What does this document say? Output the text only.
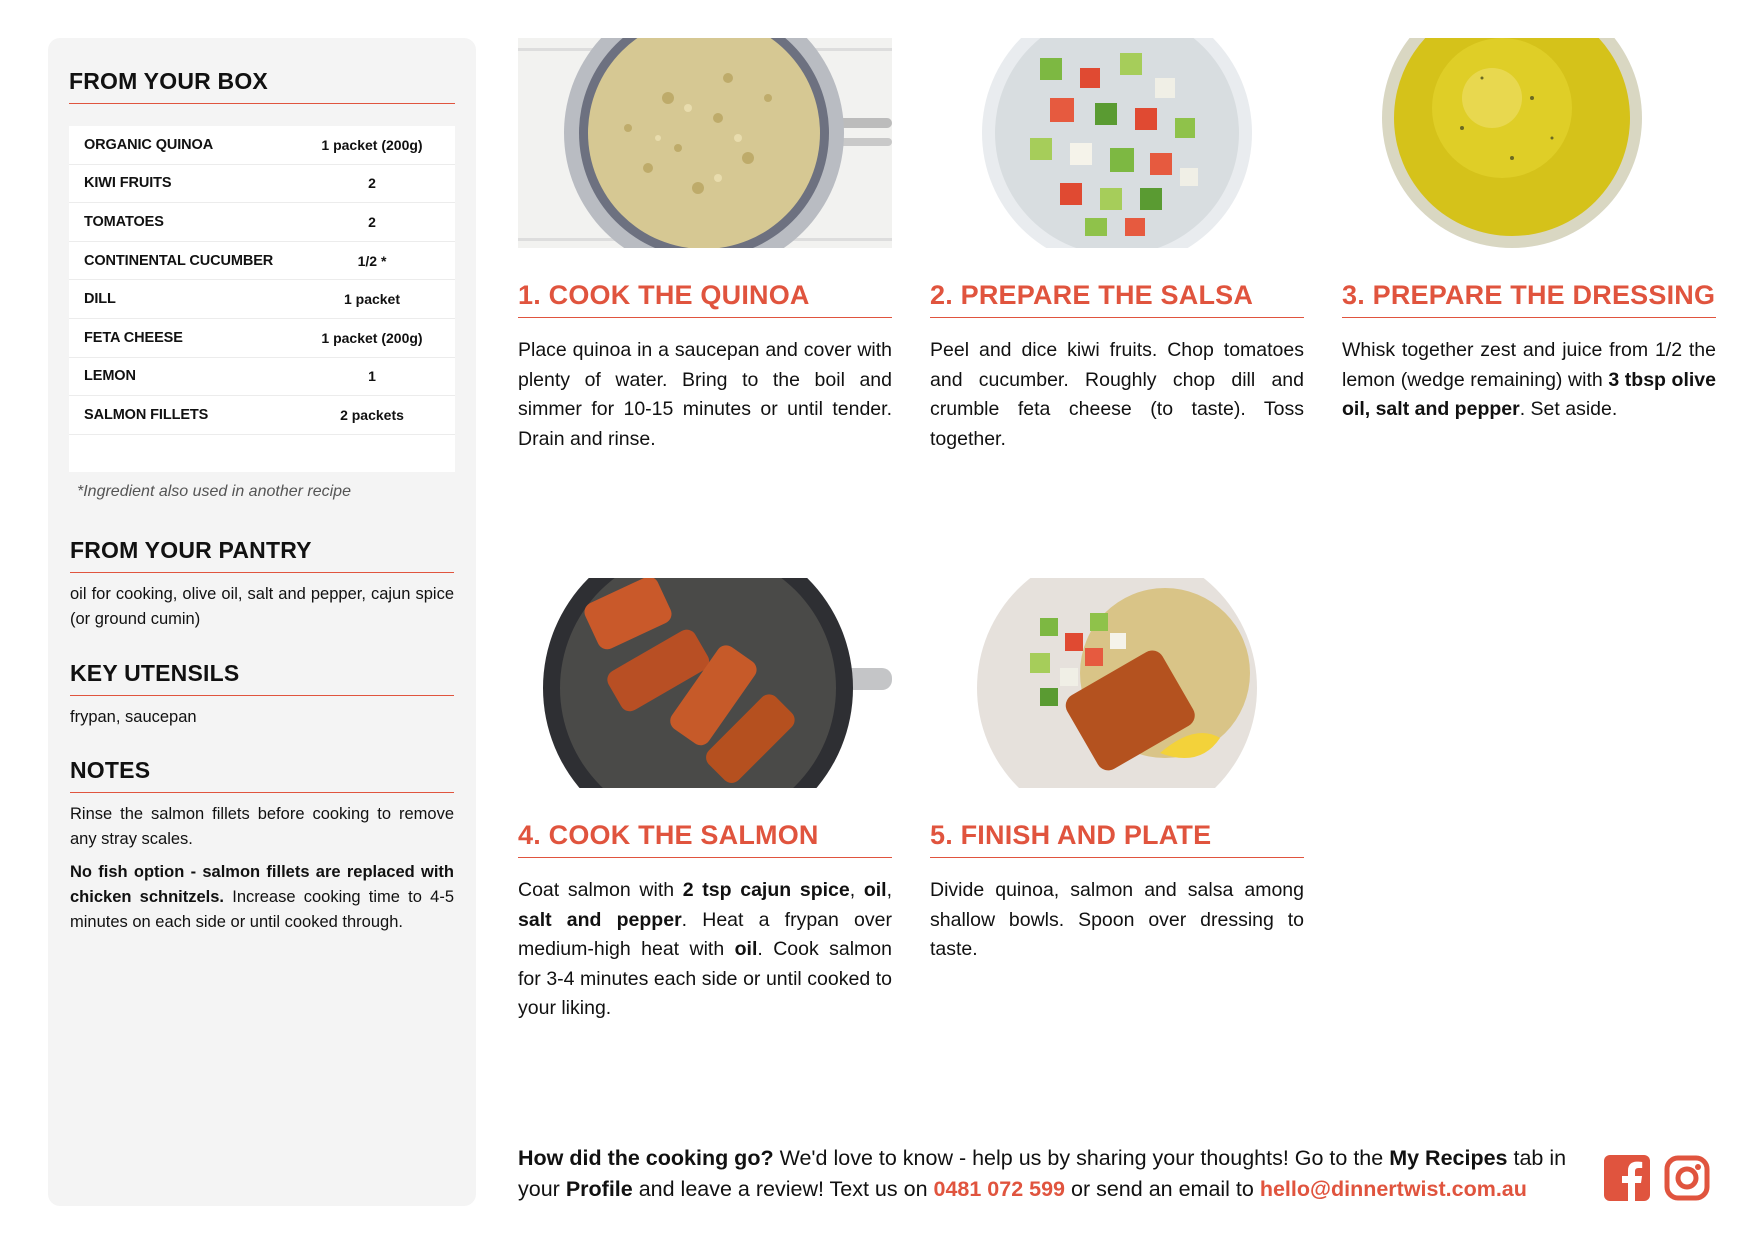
FROM YOUR BOX
ORGANIC QUINOA	1 packet (200g)
KIWI FRUITS	2
TOMATOES	2
CONTINENTAL CUCUMBER	1/2 *
DILL	1 packet
FETA CHEESE	1 packet (200g)
LEMON	1
SALMON FILLETS	2 packets
*Ingredient also used in another recipe
FROM YOUR PANTRY
oil for cooking, olive oil, salt and pepper, cajun spice (or ground cumin)
KEY UTENSILS
frypan, saucepan
NOTES
Rinse the salmon fillets before cooking to remove any stray scales.
No fish option - salmon fillets are replaced with chicken schnitzels. Increase cooking time to 4-5 minutes on each side or until cooked through.
1. COOK THE QUINOA	2. PREPARE THE SALSA	3. PREPARE THE DRESSING
4. COOK THE SALMON	5. FINISH AND PLATE
Place quinoa in a saucepan and cover with plenty of water. Bring to the boil and simmer for 10-15 minutes or until tender. Drain and rinse.
Peel and dice kiwi fruits. Chop tomatoes and cucumber. Roughly chop dill and crumble feta cheese (to taste). Toss together.
Whisk together zest and juice from 1/2 the lemon (wedge remaining) with 3 tbsp olive oil, salt and pepper. Set aside.
Coat salmon with 2 tsp cajun spice, oil, salt and pepper. Heat a frypan over medium-high heat with oil. Cook salmon for 3-4 minutes each side or until cooked to your liking.
Divide quinoa, salmon and salsa among shallow bowls. Spoon over dressing to taste.
How did the cooking go? We'd love to know - help us by sharing your thoughts! Go to the My Recipes tab in your Profile and leave a review! Text us on 0481 072 599 or send an email to hello@dinnertwist.com.au
